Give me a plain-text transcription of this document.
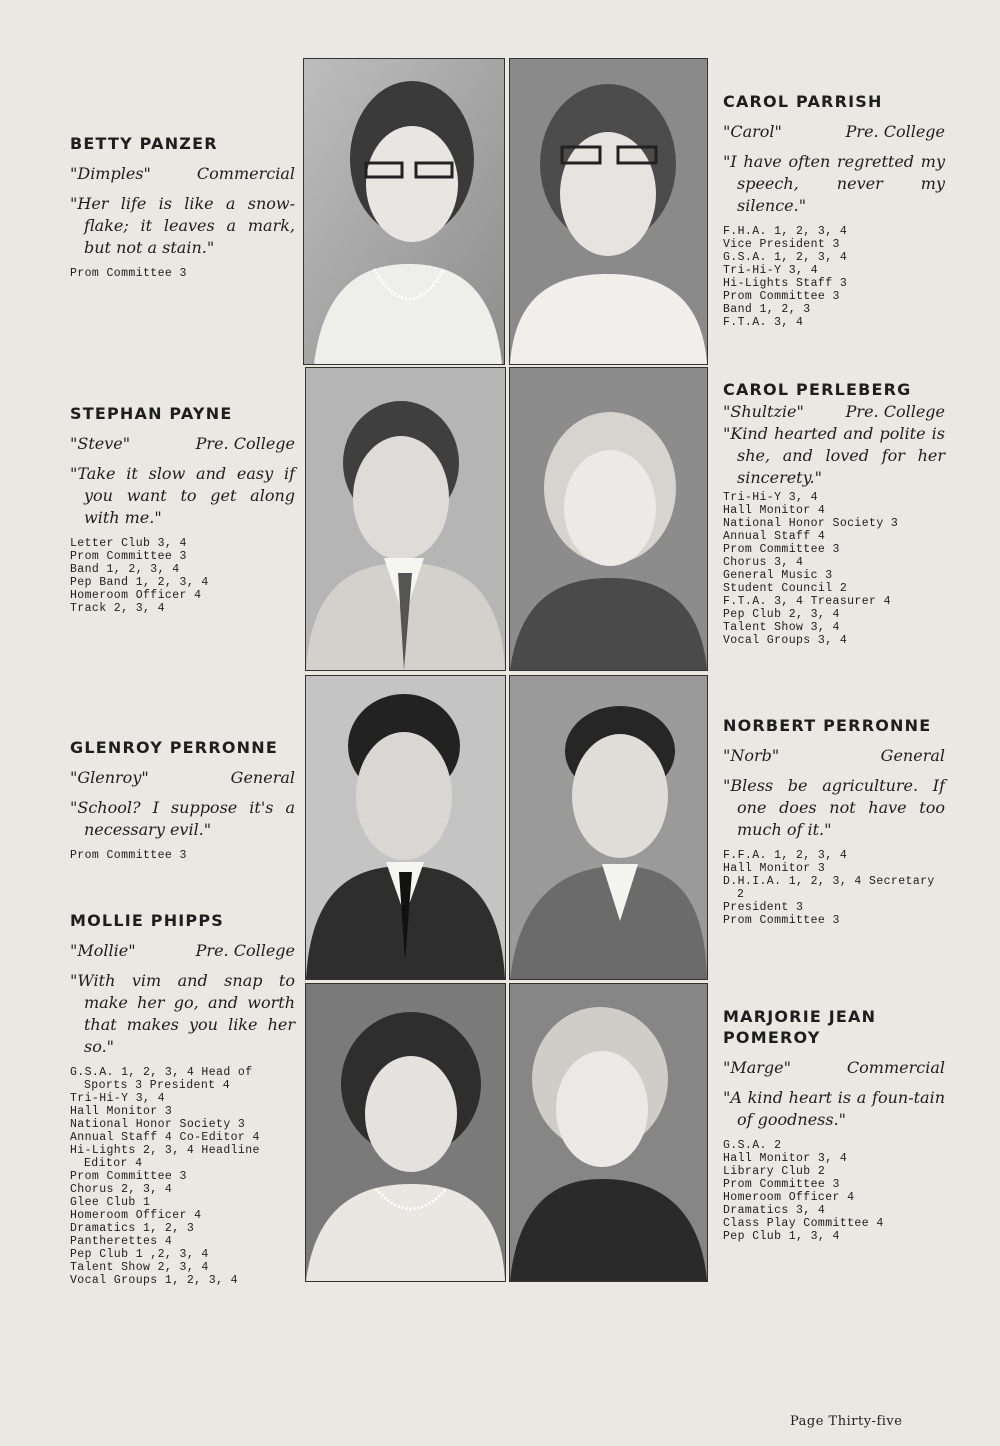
BETTY PANZER
"Dimples"	Commercial
"Her life is like a snow-flake; it leaves a mark, but not a stain."
Prom Committee 3
STEPHAN PAYNE
"Steve"	Pre. College
"Take it slow and easy if you want to get along with me."
Letter Club 3, 4
Prom Committee 3
Band 1, 2, 3, 4
Pep Band 1, 2, 3, 4
Homeroom Officer 4
Track 2, 3, 4
GLENROY PERRONNE
"Glenroy"	General
"School? I suppose it's a necessary evil."
Prom Committee 3
MOLLIE PHIPPS
"Mollie"	Pre. College
"With vim and snap to make her go, and worth that makes you like her so."
G.S.A. 1, 2, 3, 4 Head of Sports 3 President 4
Tri-Hi-Y 3, 4
Hall Monitor 3
National Honor Society 3
Annual Staff 4 Co-Editor 4
Hi-Lights 2, 3, 4 Headline Editor 4
Prom Committee 3
Chorus 2, 3, 4
Glee Club 1
Homeroom Officer 4
Dramatics 1, 2, 3
Pantherettes 4
Pep Club 1 ,2, 3, 4
Talent Show 2, 3, 4
Vocal Groups 1, 2, 3, 4
CAROL PARRISH
"Carol"	Pre. College
"I have often regretted my speech, never my silence."
F.H.A. 1, 2, 3, 4
Vice President 3
G.S.A. 1, 2, 3, 4
Tri-Hi-Y 3, 4
Hi-Lights Staff 3
Prom Committee 3
Band 1, 2, 3
F.T.A. 3, 4
CAROL PERLEBERG
"Shultzie"	Pre. College
"Kind hearted and polite is she, and loved for her sincerety."
Tri-Hi-Y 3, 4
Hall Monitor 4
National Honor Society 3
Annual Staff 4
Prom Committee 3
Chorus 3, 4
General Music 3
Student Council 2
F.T.A. 3, 4 Treasurer 4
Pep Club 2, 3, 4
Talent Show 3, 4
Vocal Groups 3, 4
NORBERT PERRONNE
"Norb"	General
"Bless be agriculture. If one does not have too much of it."
F.F.A. 1, 2, 3, 4
Hall Monitor 3
D.H.I.A. 1, 2, 3, 4 Secretary 2
President 3
Prom Committee 3
MARJORIE JEAN POMEROY
"Marge"	Commercial
"A kind heart is a foun-tain of goodness."
G.S.A. 2
Hall Monitor 3, 4
Library Club 2
Prom Committee 3
Homeroom Officer 4
Dramatics 3, 4
Class Play Committee 4
Pep Club 1, 3, 4
Page Thirty-five
